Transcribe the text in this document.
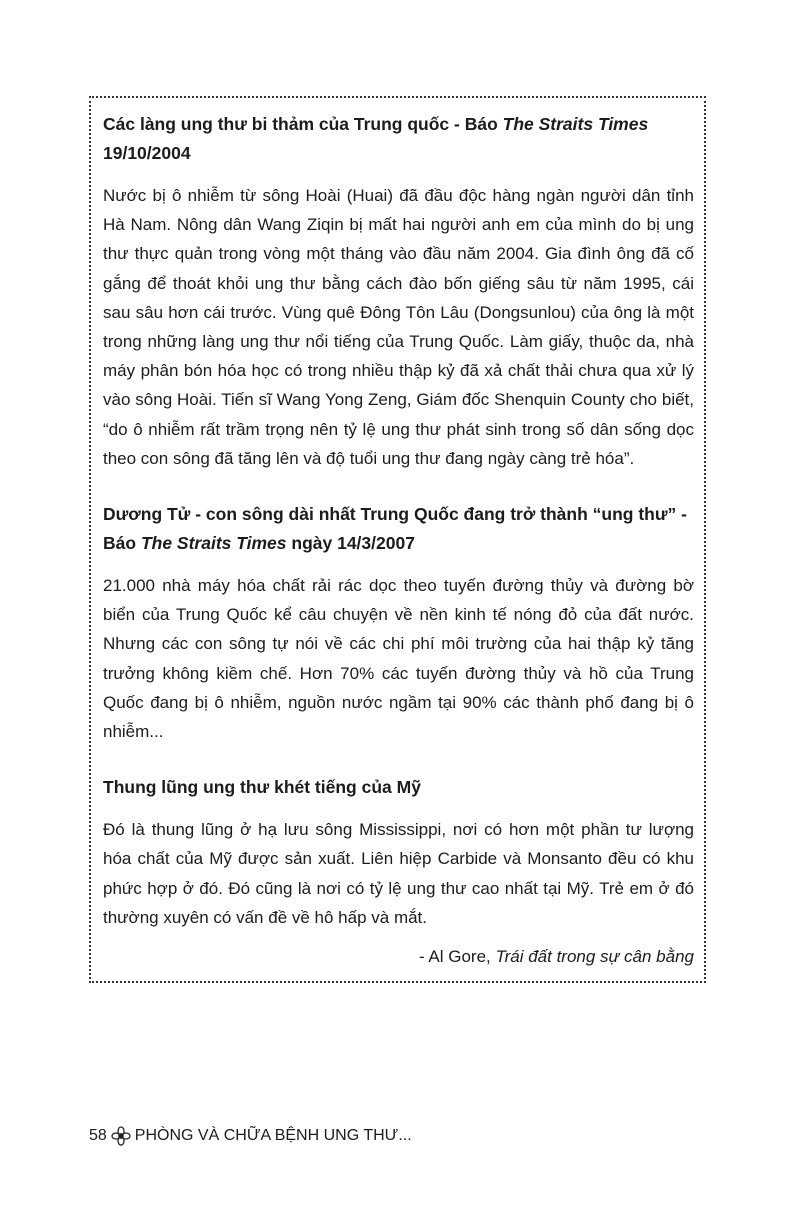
Các làng ung thư bi thảm của Trung quốc - Báo The Straits Times 19/10/2004

Nước bị ô nhiễm từ sông Hoài (Huai) đã đầu độc hàng ngàn người dân tỉnh Hà Nam. Nông dân Wang Ziqin bị mất hai người anh em của mình do bị ung thư thực quản trong vòng một tháng vào đầu năm 2004. Gia đình ông đã cố gắng để thoát khỏi ung thư bằng cách đào bốn giếng sâu từ năm 1995, cái sau sâu hơn cái trước. Vùng quê Đông Tôn Lâu (Dongsunlou) của ông là một trong những làng ung thư nổi tiếng của Trung Quốc. Làm giấy, thuộc da, nhà máy phân bón hóa học có trong nhiều thập kỷ đã xả chất thải chưa qua xử lý vào sông Hoài. Tiến sĩ Wang Yong Zeng, Giám đốc Shenquin County cho biết, “do ô nhiễm rất trầm trọng nên tỷ lệ ung thư phát sinh trong số dân sống dọc theo con sông đã tăng lên và độ tuổi ung thư đang ngày càng trẻ hóa”.

Dương Tử - con sông dài nhất Trung Quốc đang trở thành “ung thư” - Báo The Straits Times ngày 14/3/2007

21.000 nhà máy hóa chất rải rác dọc theo tuyến đường thủy và đường bờ biển của Trung Quốc kể câu chuyện về nền kinh tế nóng đỏ của đất nước. Nhưng các con sông tự nói về các chi phí môi trường của hai thập kỷ tăng trưởng không kiềm chế. Hơn 70% các tuyến đường thủy và hồ của Trung Quốc đang bị ô nhiễm, nguồn nước ngầm tại 90% các thành phố đang bị ô nhiễm...

Thung lũng ung thư khét tiếng của Mỹ

Đó là thung lũng ở hạ lưu sông Mississippi, nơi có hơn một phần tư lượng hóa chất của Mỹ được sản xuất. Liên hiệp Carbide và Monsanto đều có khu phức hợp ở đó. Đó cũng là nơi có tỷ lệ ung thư cao nhất tại Mỹ. Trẻ em ở đó thường xuyên có vấn đề về hô hấp và mắt.

- Al Gore, Trái đất trong sự cân bằng
58 PHÒNG VÀ CHỮA BỆNH UNG THƯ...
